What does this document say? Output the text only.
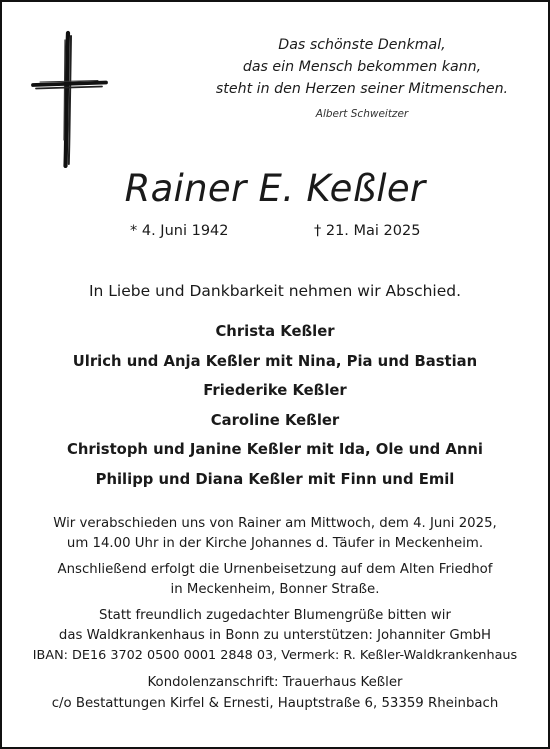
Das schönste Denkmal,
das ein Mensch bekommen kann,
steht in den Herzen seiner Mitmenschen.
Albert Schweitzer
Rainer E. Keßler
* 4. Juni 1942	† 21. Mai 2025
In Liebe und Dankbarkeit nehmen wir Abschied.
Christa Keßler
Ulrich und Anja Keßler mit Nina, Pia und Bastian
Friederike Keßler
Caroline Keßler
Christoph und Janine Keßler mit Ida, Ole und Anni
Philipp und Diana Keßler mit Finn und Emil

Wir verabschieden uns von Rainer am Mittwoch, dem 4. Juni 2025,
um 14.00 Uhr in der Kirche Johannes d. Täufer in Meckenheim.

Anschließend erfolgt die Urnenbeisetzung auf dem Alten Friedhof
in Meckenheim, Bonner Straße.

Statt freundlich zugedachter Blumengrüße bitten wir
das Waldkrankenhaus in Bonn zu unterstützen: Johanniter GmbH
IBAN: DE16 3702 0500 0001 2848 03, Vermerk: R. Keßler-Waldkrankenhaus

Kondolenzanschrift: Trauerhaus Keßler
c/o Bestattungen Kirfel & Ernesti, Hauptstraße 6, 53359 Rheinbach
